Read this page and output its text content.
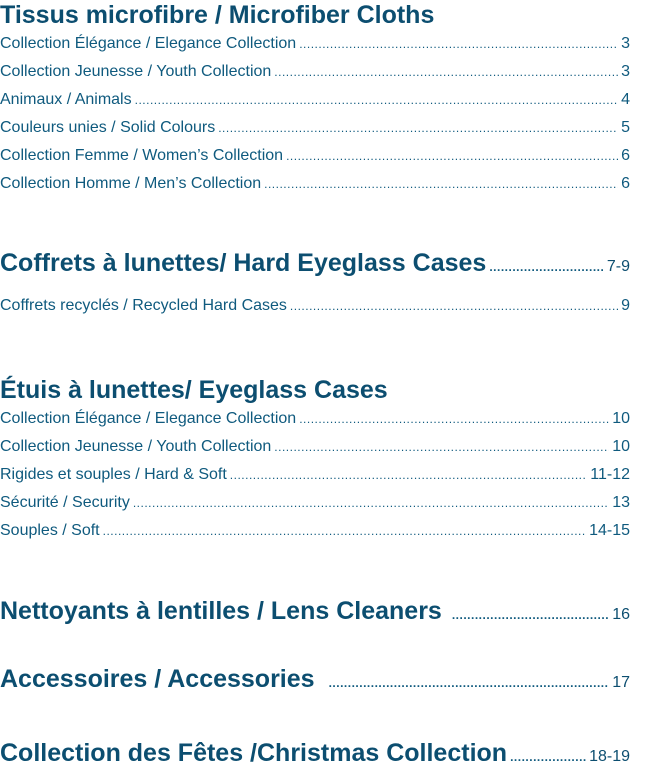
Tissus microfibre / Microfiber Cloths
Collection Élégance / Elegance Collection .....	3
Collection Jeunesse / Youth Collection .....	3
Animaux / Animals .....	4
Couleurs unies / Solid Colours .....	5
Collection Femme / Women’s Collection .....	6
Collection Homme / Men’s Collection .....	6
Coffrets à lunettes/ Hard Eyeglass Cases .....	7-9
Coffrets recyclés / Recycled Hard Cases .....	9
Étuis à lunettes/ Eyeglass Cases
Collection Élégance / Elegance Collection .....	10
Collection Jeunesse / Youth Collection .....	10
Rigides et souples / Hard & Soft .....	11-12
Sécurité / Security .....	13
Souples / Soft .....	14-15
Nettoyants à lentilles / Lens Cleaners .....	16
Accessoires / Accessories .....	17
Collection des Fêtes /Christmas Collection .....	18-19
